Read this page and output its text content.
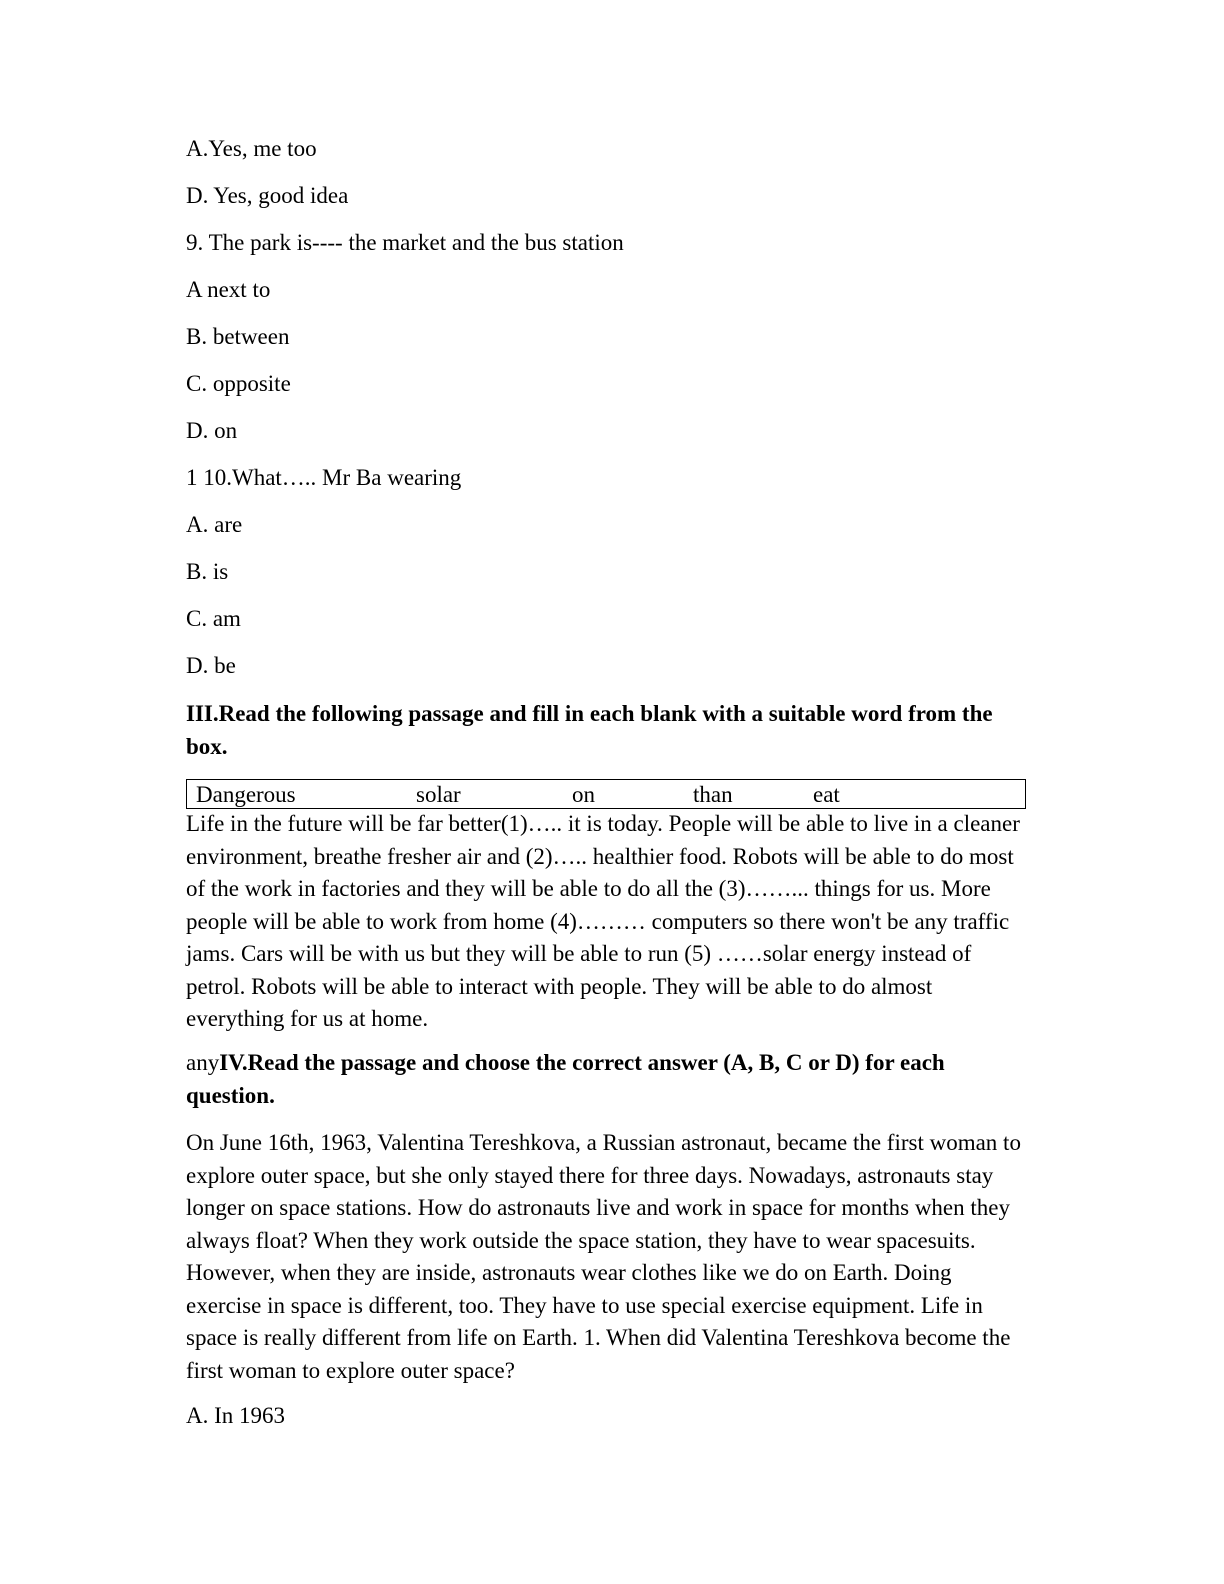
A.Yes, me too
D. Yes, good idea
9. The park is---- the market and the bus station
A next to
B. between
C. opposite
D. on
1 10.What….. Mr Ba wearing
A. are
B. is
C. am
D. be
III.Read the following passage and fill in each blank with a suitable word from the box.
Dangerous	solar	on	than	eat
Life in the future will be far better(1)….. it is today. People will be able to live in a cleaner environment, breathe fresher air and (2)….. healthier food. Robots will be able to do most of the work in factories and they will be able to do all the (3)……... things for us. More people will be able to work from home (4)……… computers so there won't be any traffic jams. Cars will be with us but they will be able to run (5) ……solar energy instead of petrol. Robots will be able to interact with people. They will be able to do almost everything for us at home.
anyIV.Read the passage and choose the correct answer (A, B, C or D) for each question.
On June 16th, 1963, Valentina Tereshkova, a Russian astronaut, became the first woman to explore outer space, but she only stayed there for three days. Nowadays, astronauts stay longer on space stations. How do astronauts live and work in space for months when they always float? When they work outside the space station, they have to wear spacesuits. However, when they are inside, astronauts wear clothes like we do on Earth. Doing exercise in space is different, too. They have to use special exercise equipment. Life in space is really different from life on Earth. 1. When did Valentina Tereshkova become the first woman to explore outer space?
A. In 1963
